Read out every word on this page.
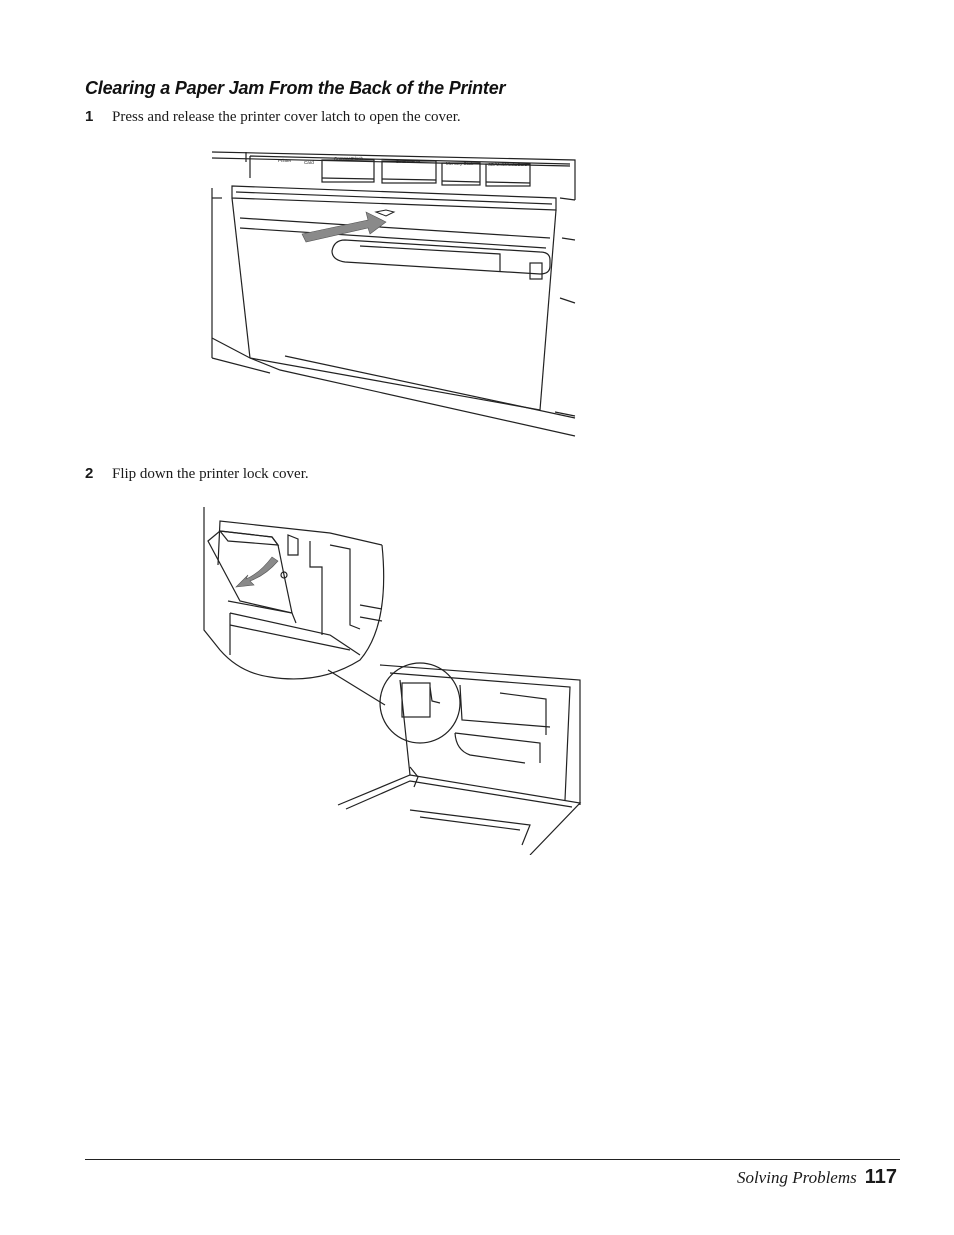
Clearing a Paper Jam From the Back of the Printer
1 Press and release the printer cover latch to open the cover.
Printer	Card
CompactFlash
SmartMedia	Memory Stick	SD/MultiMediaCard
2 Flip down the printer lock cover.
Solving Problems 117
